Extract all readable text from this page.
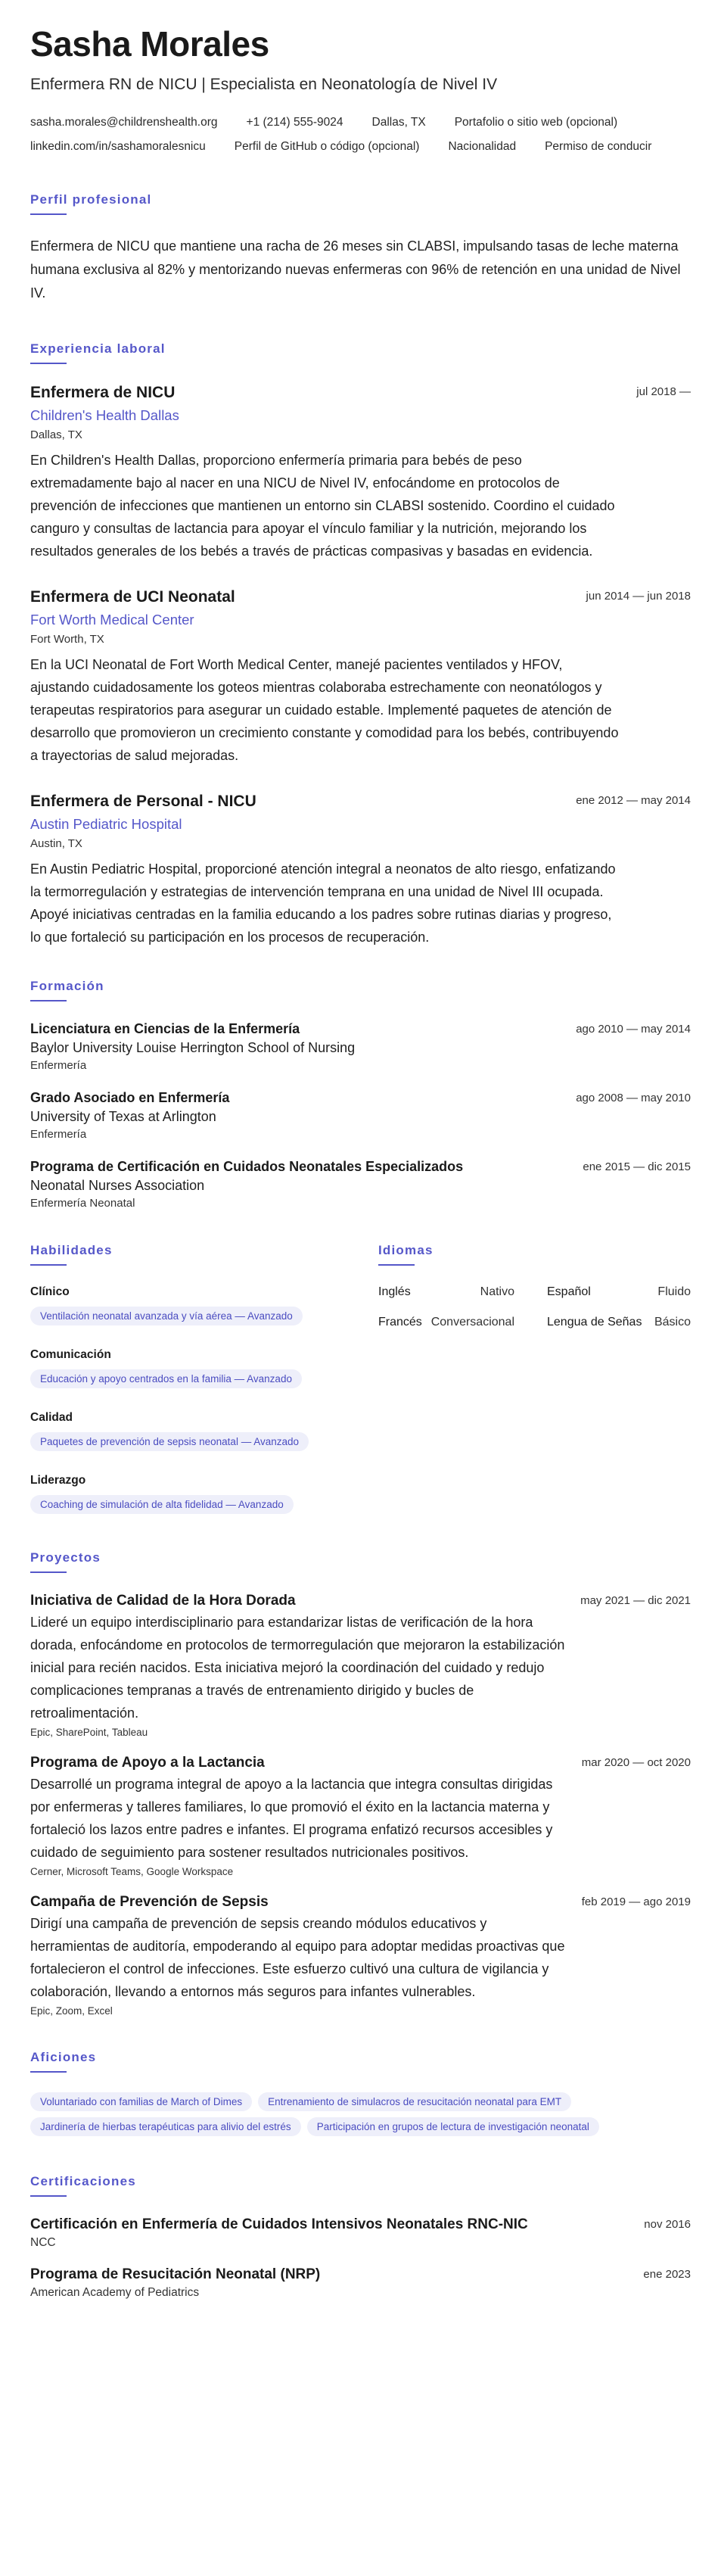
Sasha Morales
Enfermera RN de NICU | Especialista en Neonatología de Nivel IV
sasha.morales@childrenshealth.org +1 (214) 555-9024 Dallas, TX Portafolio o sitio web (opcional)
linkedin.com/in/sashamoralesnicu Perfil de GitHub o código (opcional) Nacionalidad Permiso de conducir
Perfil profesional
Enfermera de NICU que mantiene una racha de 26 meses sin CLABSI, impulsando tasas de leche materna humana exclusiva al 82% y mentorizando nuevas enfermeras con 96% de retención en una unidad de Nivel IV.
Experiencia laboral
jul 2018 —
Enfermera de NICU
Children's Health Dallas
Dallas, TX
En Children's Health Dallas, proporciono enfermería primaria para bebés de peso extremadamente bajo al nacer en una NICU de Nivel IV, enfocándome en protocolos de prevención de infecciones que mantienen un entorno sin CLABSI sostenido. Coordino el cuidado canguro y consultas de lactancia para apoyar el vínculo familiar y la nutrición, mejorando los resultados generales de los bebés a través de prácticas compasivas y basadas en evidencia.
jun 2014 — jun 2018
Enfermera de UCI Neonatal
Fort Worth Medical Center
Fort Worth, TX
En la UCI Neonatal de Fort Worth Medical Center, manejé pacientes ventilados y HFOV, ajustando cuidadosamente los goteos mientras colaboraba estrechamente con neonatólogos y terapeutas respiratorios para asegurar un cuidado estable. Implementé paquetes de atención de desarrollo que promovieron un crecimiento constante y comodidad para los bebés, contribuyendo a trayectorias de salud mejoradas.
ene 2012 — may 2014
Enfermera de Personal - NICU
Austin Pediatric Hospital
Austin, TX
En Austin Pediatric Hospital, proporcioné atención integral a neonatos de alto riesgo, enfatizando la termorregulación y estrategias de intervención temprana en una unidad de Nivel III ocupada. Apoyé iniciativas centradas en la familia educando a los padres sobre rutinas diarias y progreso, lo que fortaleció su participación en los procesos de recuperación.
Formación
ago 2010 — may 2014
Licenciatura en Ciencias de la Enfermería
Baylor University Louise Herrington School of Nursing
Enfermería
ago 2008 — may 2010
Grado Asociado en Enfermería
University of Texas at Arlington
Enfermería
ene 2015 — dic 2015
Programa de Certificación en Cuidados Neonatales Especializados
Neonatal Nurses Association
Enfermería Neonatal
Habilidades
Clínico
Ventilación neonatal avanzada y vía aérea — Avanzado
Comunicación
Educación y apoyo centrados en la familia — Avanzado
Calidad
Paquetes de prevención de sepsis neonatal — Avanzado
Liderazgo
Coaching de simulación de alta fidelidad — Avanzado
Idiomas
Inglés	Nativo	Español	Fluido
Francés Conversacional	Lengua de Señas Básico
Proyectos
may 2021 — dic 2021
Iniciativa de Calidad de la Hora Dorada
Lideré un equipo interdisciplinario para estandarizar listas de verificación de la hora dorada, enfocándome en protocolos de termorregulación que mejoraron la estabilización inicial para recién nacidos. Esta iniciativa mejoró la coordinación del cuidado y redujo complicaciones tempranas a través de entrenamiento dirigido y bucles de retroalimentación.
Epic, SharePoint, Tableau
mar 2020 — oct 2020
Programa de Apoyo a la Lactancia
Desarrollé un programa integral de apoyo a la lactancia que integra consultas dirigidas por enfermeras y talleres familiares, lo que promovió el éxito en la lactancia materna y fortaleció los lazos entre padres e infantes. El programa enfatizó recursos accesibles y cuidado de seguimiento para sostener resultados nutricionales positivos.
Cerner, Microsoft Teams, Google Workspace
feb 2019 — ago 2019
Campaña de Prevención de Sepsis
Dirigí una campaña de prevención de sepsis creando módulos educativos y herramientas de auditoría, empoderando al equipo para adoptar medidas proactivas que fortalecieron el control de infecciones. Este esfuerzo cultivó una cultura de vigilancia y colaboración, llevando a entornos más seguros para infantes vulnerables.
Epic, Zoom, Excel
Aficiones
Voluntariado con familias de March of Dimes	Entrenamiento de simulacros de resucitación neonatal para EMTJardinería de hierbas terapéuticas para alivio del estrés	Participación en grupos de lectura de investigación neonatal
Certificaciones
nov 2016
Certificación en Enfermería de Cuidados Intensivos Neonatales RNC-NIC
NCC
ene 2023
Programa de Resucitación Neonatal (NRP)
American Academy of Pediatrics
